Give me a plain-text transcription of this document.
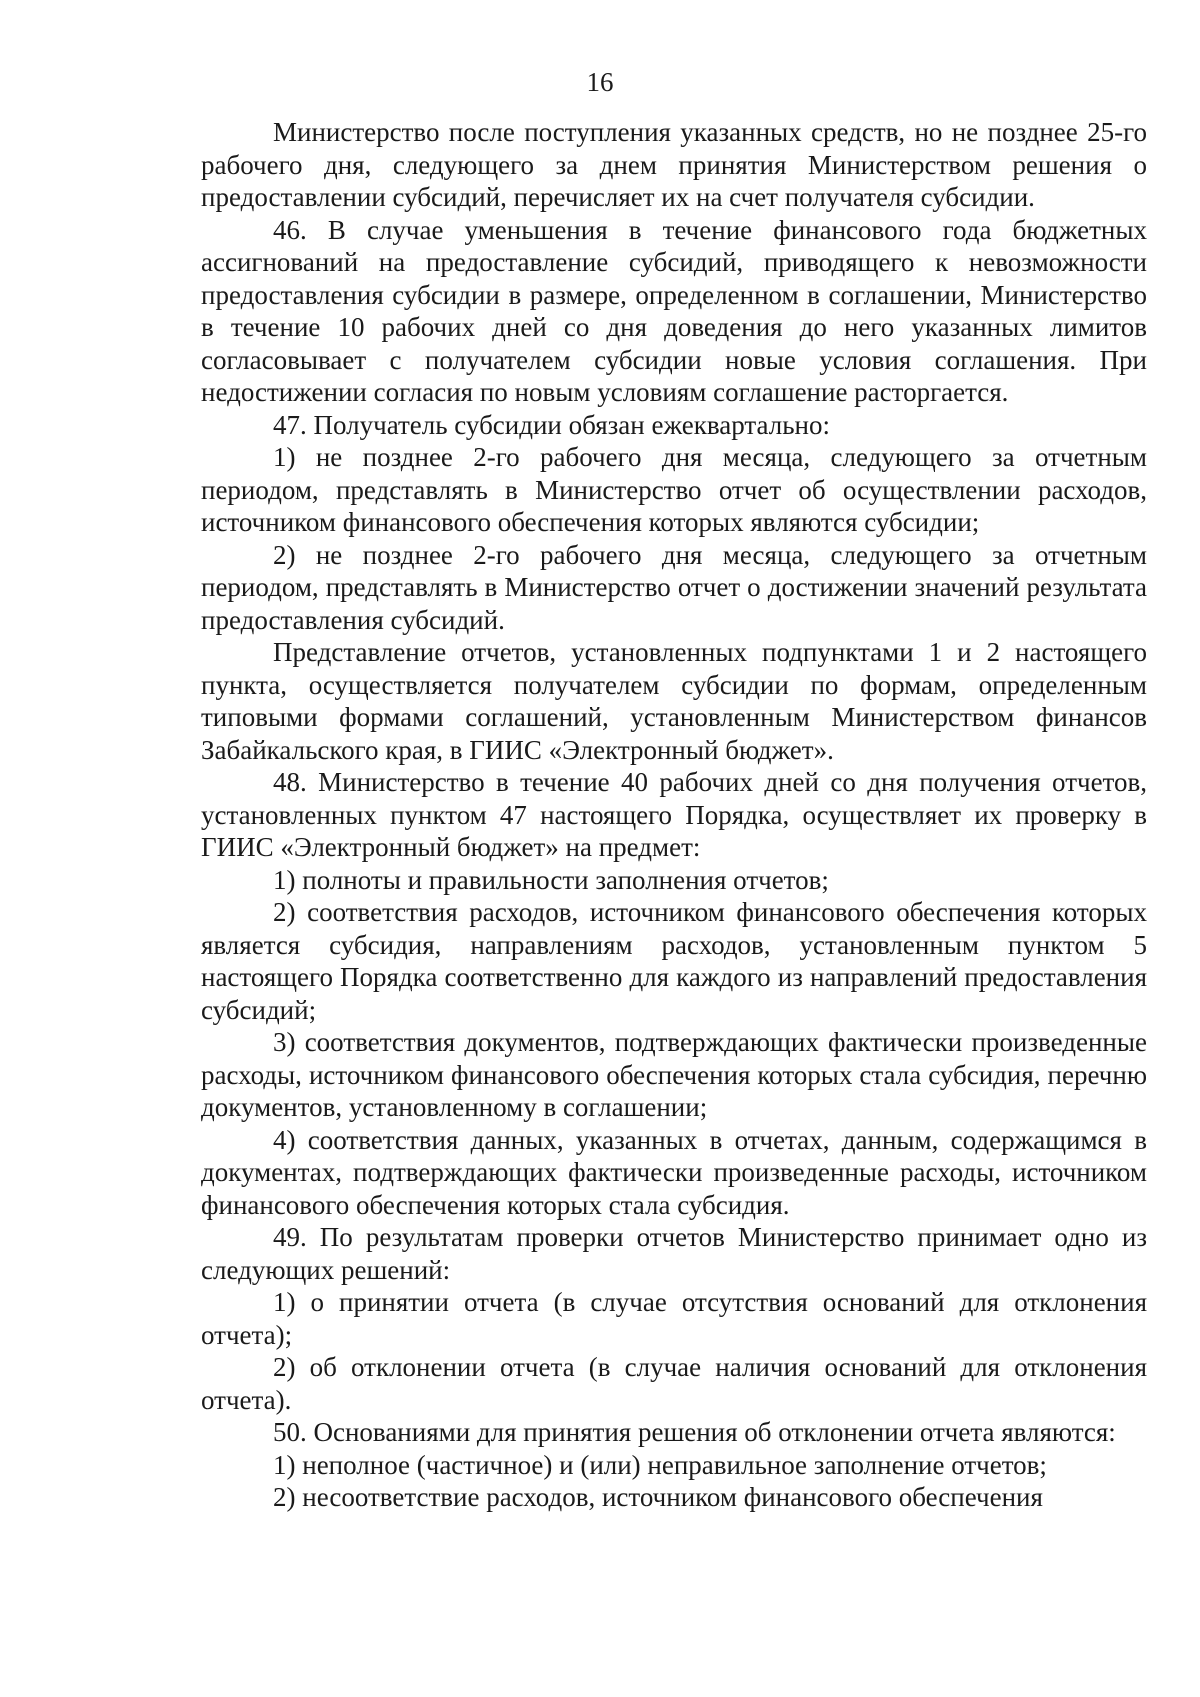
16

Министерство после поступления указанных средств, но не позднее 25-го рабочего дня, следующего за днем принятия Министерством решения о предоставлении субсидий, перечисляет их на счет получателя субсидии.

46. В случае уменьшения в течение финансового года бюджетных ассигнований на предоставление субсидий, приводящего к невозможности предоставления субсидии в размере, определенном в соглашении, Министерство в течение 10 рабочих дней со дня доведения до него указанных лимитов согласовывает с получателем субсидии новые условия соглашения. При недостижении согласия по новым условиям соглашение расторгается.

47. Получатель субсидии обязан ежеквартально:

1) не позднее 2-го рабочего дня месяца, следующего за отчетным периодом, представлять в Министерство отчет об осуществлении расходов, источником финансового обеспечения которых являются субсидии;

2) не позднее 2-го рабочего дня месяца, следующего за отчетным периодом, представлять в Министерство отчет о достижении значений результата предоставления субсидий.

Представление отчетов, установленных подпунктами 1 и 2 настоящего пункта, осуществляется получателем субсидии по формам, определенным типовыми формами соглашений, установленным Министерством финансов Забайкальского края, в ГИИС «Электронный бюджет».

48. Министерство в течение 40 рабочих дней со дня получения отчетов, установленных пунктом 47 настоящего Порядка, осуществляет их проверку в ГИИС «Электронный бюджет» на предмет:

1) полноты и правильности заполнения отчетов;

2) соответствия расходов, источником финансового обеспечения которых является субсидия, направлениям расходов, установленным пунктом 5 настоящего Порядка соответственно для каждого из направлений предоставления субсидий;

3) соответствия документов, подтверждающих фактически произведенные расходы, источником финансового обеспечения которых стала субсидия, перечню документов, установленному в соглашении;

4) соответствия данных, указанных в отчетах, данным, содержащимся в документах, подтверждающих фактически произведенные расходы, источником финансового обеспечения которых стала субсидия.

49. По результатам проверки отчетов Министерство принимает одно из следующих решений:

1) о принятии отчета (в случае отсутствия оснований для отклонения отчета);

2) об отклонении отчета (в случае наличия оснований для отклонения отчета).

50. Основаниями для принятия решения об отклонении отчета являются:

1) неполное (частичное) и (или) неправильное заполнение отчетов;

2) несоответствие расходов, источником финансового обеспечения
